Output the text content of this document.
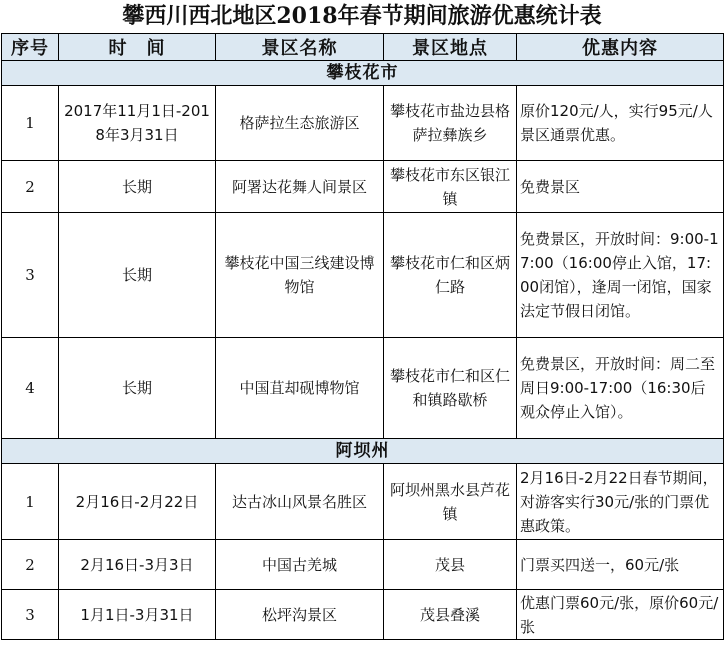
攀西川西北地区2018年春节期间旅游优惠统计表
序号	时　间	景区名称	景区地点	优惠内容
攀枝花市				
1	2017年11月1日-2018年3月31日	格萨拉生态旅游区	攀枝花市盐边县格萨拉彝族乡	原价120元/人，实行95元/人景区通票优惠。
2	长期	阿署达花舞人间景区	攀枝花市东区银江镇	免费景区
3	长期	攀枝花中国三线建设博物馆	攀枝花市仁和区炳仁路	免费景区，开放时间：9:00-17:00（16:00停止入馆，17:00闭馆），逢周一闭馆，国家法定节假日闭馆。
4	长期	中国苴却砚博物馆	攀枝花市仁和区仁和镇路歇桥	免费景区，开放时间：周二至周日9:00-17:00（16:30后观众停止入馆）。
阿坝州				
1	2月16日-2月22日	达古冰山风景名胜区	阿坝州黑水县芦花镇	2月16日-2月22日春节期间，对游客实行30元/张的门票优惠政策。
2	2月16日-3月3日	中国古羌城	茂县	门票买四送一，60元/张
3	1月1日-3月31日	松坪沟景区	茂县叠溪	优惠门票60元/张，原价60元/张
